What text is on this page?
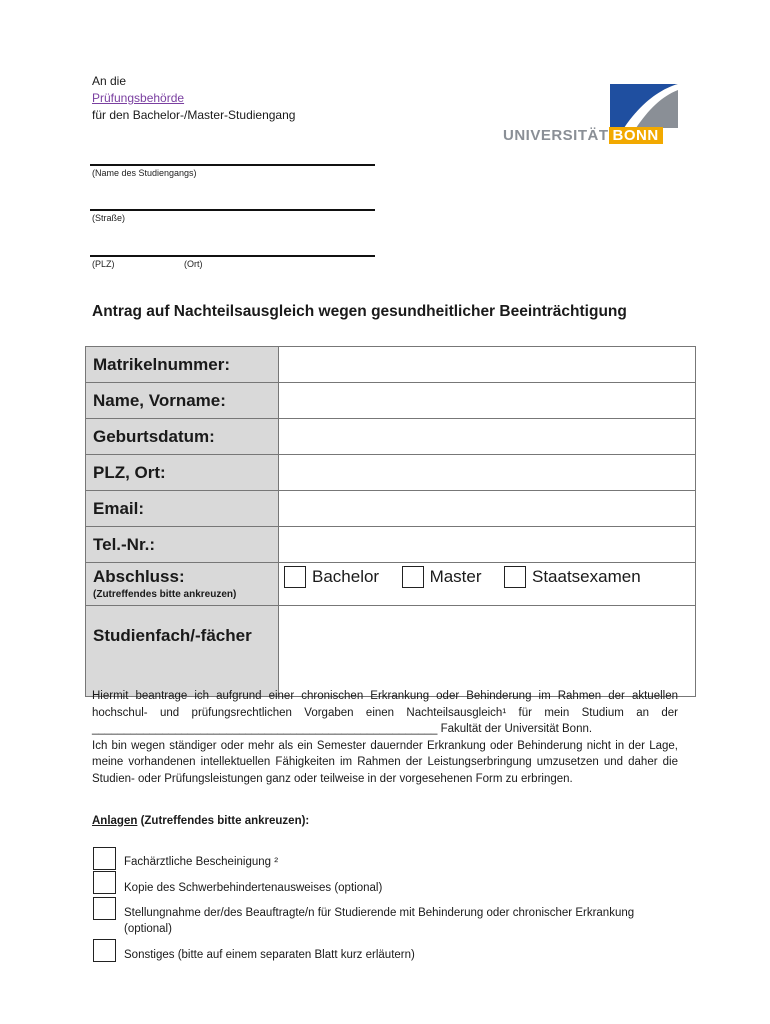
An die
Prüfungsbehörde
für den Bachelor-/Master-Studiengang
UNIVERSITÄT BONN
(Name des Studiengangs)
(Straße)
(PLZ)	(Ort)
Antrag auf Nachteilsausgleich wegen gesundheitlicher Beeinträchtigung
Matrikelnummer:	
Name, Vorname:	
Geburtsdatum:	
PLZ, Ort:	
Email:	
Tel.-Nr.:	
Abschluss:
(Zutreffendes bitte ankreuzen)	Bachelor Master Staatsexamen
Studienfach/-fächer	
Hiermit beantrage ich aufgrund einer chronischen Erkrankung oder Behinderung im Rahmen der aktuellen hochschul- und prüfungsrechtlichen Vorgaben einen Nachteilsausgleich¹ für mein Studium an der ______________________________________________________ Fakultät der Universität Bonn.
Ich bin wegen ständiger oder mehr als ein Semester dauernder Erkrankung oder Behinderung nicht in der Lage, meine vorhandenen intellektuellen Fähigkeiten im Rahmen der Leistungserbringung umzusetzen und daher die Studien- oder Prüfungsleistungen ganz oder teilweise in der vorgesehenen Form zu erbringen.
Anlagen (Zutreffendes bitte ankreuzen):
Fachärztliche Bescheinigung ²
Kopie des Schwerbehindertenausweises (optional)
Stellungnahme der/des Beauftragte/n für Studierende mit Behinderung oder chronischer Erkrankung (optional)
Sonstiges (bitte auf einem separaten Blatt kurz erläutern)
